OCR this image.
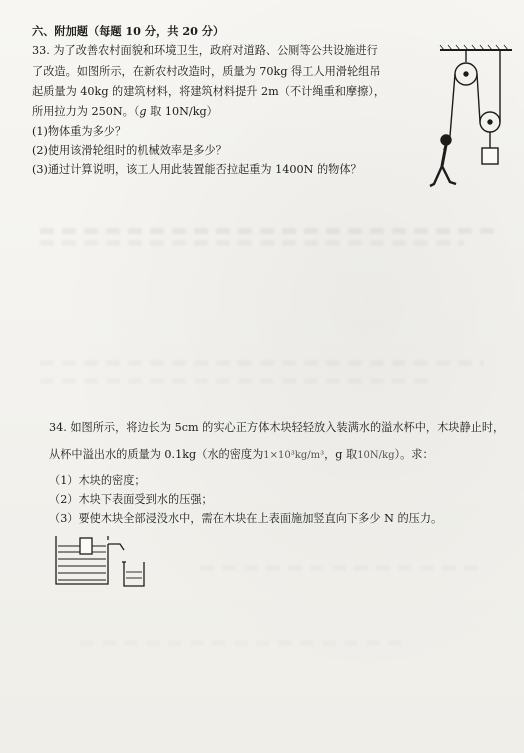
六、附加题（每题 10 分，共 20 分）
33. 为了改善农村面貌和环境卫生，政府对道路、公厕等公共设施进行
了改造。如图所示，在新农村改造时，质量为 70kg 得工人用滑轮组吊
起质量为 40kg 的建筑材料，将建筑材料提升 2m（不计绳重和摩擦），
所用拉力为 250N。（g 取 10N/kg）
(1)物体重为多少？
(2)使用该滑轮组时的机械效率是多少？
(3)通过计算说明，该工人用此装置能否拉起重为 1400N 的物体？
34. 如图所示，将边长为 5cm 的实心正方体木块轻轻放入装满水的溢水杯中，木块静止时，
从杯中溢出水的质量为 0.1kg（水的密度为1×10³kg/m³，g 取10N/kg）。求：
（1）木块的密度；
（2）木块下表面受到水的压强；
（3）要使木块全部浸没水中，需在木块在上表面施加竖直向下多少 N 的压力。
